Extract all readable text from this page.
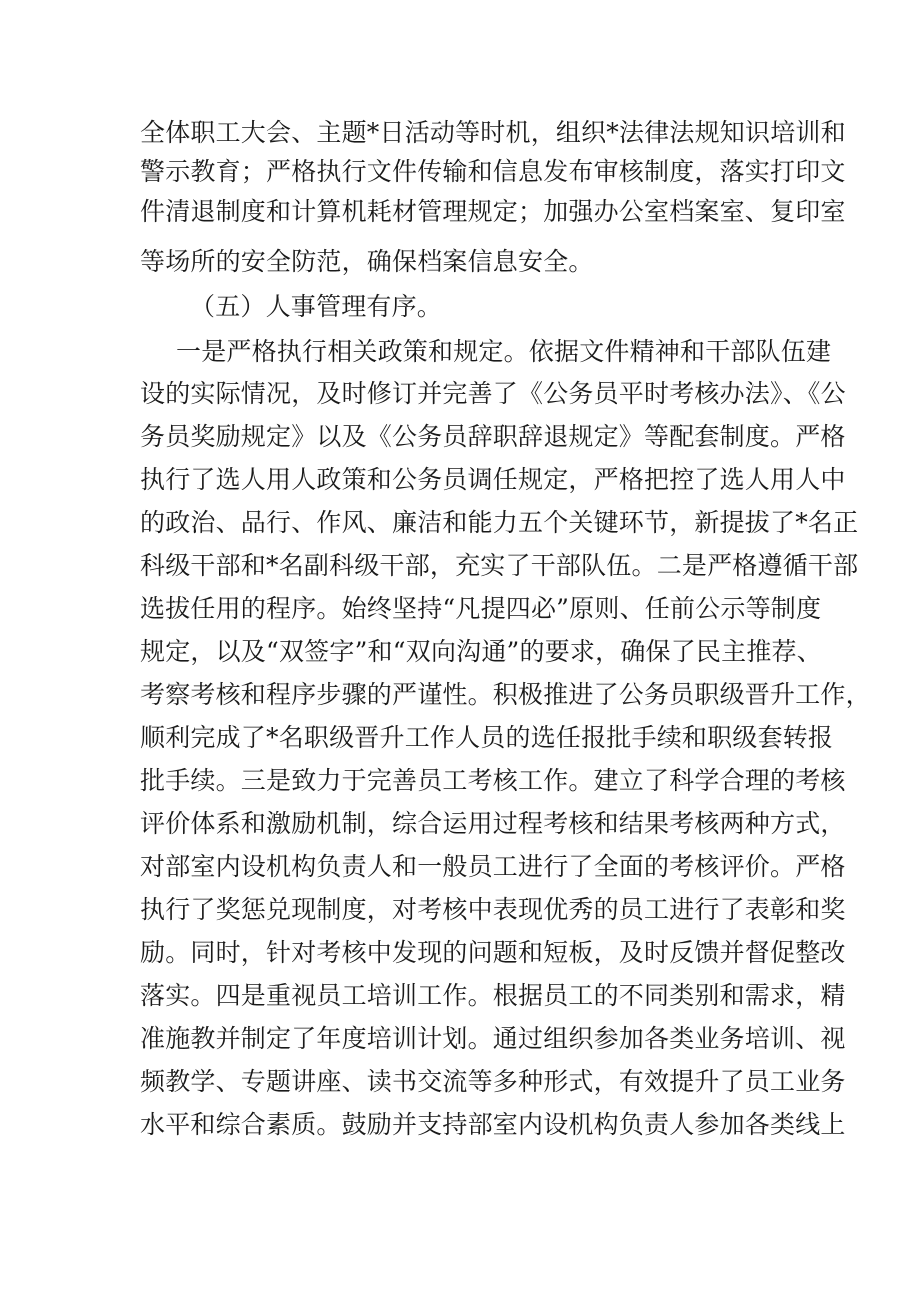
全体职工大会、主题*日活动等时机，组织*法律法规知识培训和
警示教育；严格执行文件传输和信息发布审核制度，落实打印文
件清退制度和计算机耗材管理规定；加强办公室档案室、复印室
等场所的安全防范，确保档案信息安全。
（五）人事管理有序。
一是严格执行相关政策和规定。依据文件精神和干部队伍建
设的实际情况，及时修订并完善了《公务员平时考核办法》、《公
务员奖励规定》以及《公务员辞职辞退规定》等配套制度。严格
执行了选人用人政策和公务员调任规定，严格把控了选人用人中
的政治、品行、作风、廉洁和能力五个关键环节，新提拔了*名正
科级干部和*名副科级干部，充实了干部队伍。二是严格遵循干部
选拔任用的程序。始终坚持“凡提四必”原则、任前公示等制度
规定，以及“双签字”和“双向沟通”的要求，确保了民主推荐、
考察考核和程序步骤的严谨性。积极推进了公务员职级晋升工作，
顺利完成了*名职级晋升工作人员的选任报批手续和职级套转报
批手续。三是致力于完善员工考核工作。建立了科学合理的考核
评价体系和激励机制，综合运用过程考核和结果考核两种方式，
对部室内设机构负责人和一般员工进行了全面的考核评价。严格
执行了奖惩兑现制度，对考核中表现优秀的员工进行了表彰和奖
励。同时，针对考核中发现的问题和短板，及时反馈并督促整改
落实。四是重视员工培训工作。根据员工的不同类别和需求，精
准施教并制定了年度培训计划。通过组织参加各类业务培训、视
频教学、专题讲座、读书交流等多种形式，有效提升了员工业务
水平和综合素质。鼓励并支持部室内设机构负责人参加各类线上
